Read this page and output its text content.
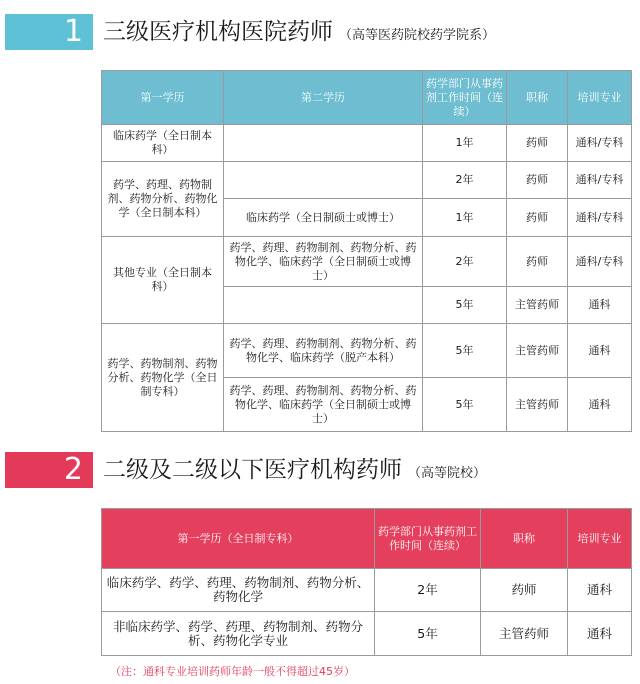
1 三级医疗机构医院药师 （高等医药院校药学院系）
第一学历	第二学历	药学部门从事药剂工作时间（连续）	职称	培训专业
临床药学（全日制本科）		1年	药师	通科/专科
药学、药理、药物制剂、药物分析、药物化学（全日制本科）		2年	药师	通科/专科
	临床药学（全日制硕士或博士）	1年	药师	通科/专科
其他专业（全日制本科）	药学、药理、药物制剂、药物分析、药物化学、临床药学（全日制硕士或博士）	2年	药师	通科/专科
		5年	主管药师	通科
药学、药物制剂、药物分析、药物化学（全日制专科）	药学、药理、药物制剂、药物分析、药物化学、临床药学（脱产本科）	5年	主管药师	通科
	药学、药理、药物制剂、药物分析、药物化学、临床药学（全日制硕士或博士）	5年	主管药师	通科
2 二级及二级以下医疗机构药师 （高等院校）
第一学历（全日制专科）	药学部门从事药剂工作时间（连续）	职称	培训专业
临床药学、药学、药理、药物制剂、药物分析、药物化学	2年	药师	通科
非临床药学、药学、药理、药物制剂、药物分析、药物化学专业	5年	主管药师	通科
（注：通科专业培训药师年龄一般不得超过45岁）
